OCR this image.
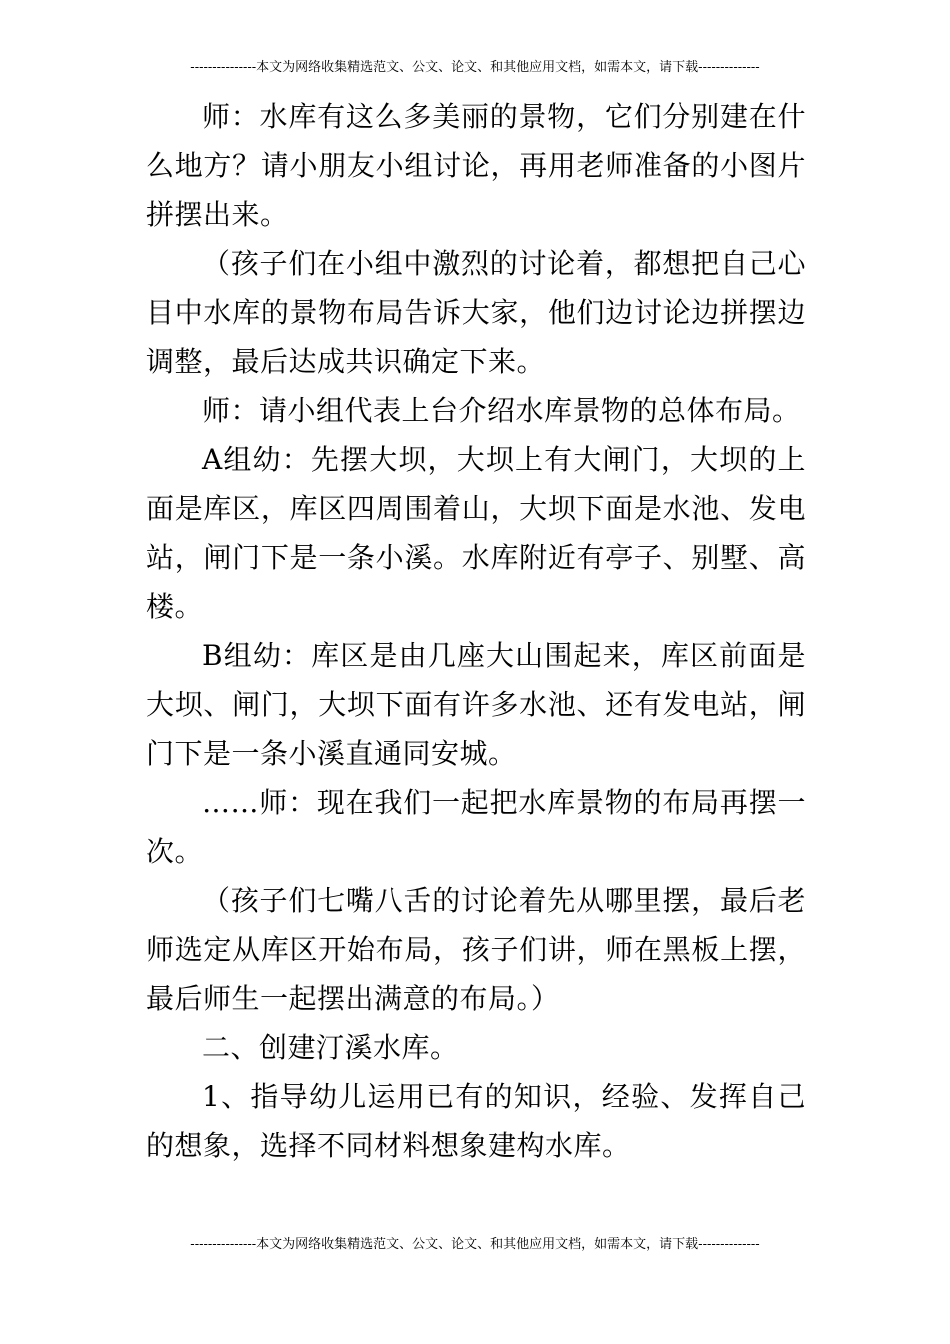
---------------本文为网络收集精选范文、公文、论文、和其他应用文档，如需本文，请下载--------------

师：水库有这么多美丽的景物，它们分别建在什么地方？请小朋友小组讨论，再用老师准备的小图片拼摆出来。

（孩子们在小组中激烈的讨论着，都想把自己心目中水库的景物布局告诉大家，他们边讨论边拼摆边调整，最后达成共识确定下来。

师：请小组代表上台介绍水库景物的总体布局。

A组幼：先摆大坝，大坝上有大闸门，大坝的上面是库区，库区四周围着山，大坝下面是水池、发电站，闸门下是一条小溪。水库附近有亭子、别墅、高楼。

B组幼：库区是由几座大山围起来，库区前面是大坝、闸门，大坝下面有许多水池、还有发电站，闸门下是一条小溪直通同安城。

……师：现在我们一起把水库景物的布局再摆一次。

（孩子们七嘴八舌的讨论着先从哪里摆，最后老师选定从库区开始布局，孩子们讲，师在黑板上摆，最后师生一起摆出满意的布局。）

二、创建汀溪水库。

1、指导幼儿运用已有的知识，经验、发挥自己的想象，选择不同材料想象建构水库。

---------------本文为网络收集精选范文、公文、论文、和其他应用文档，如需本文，请下载--------------
